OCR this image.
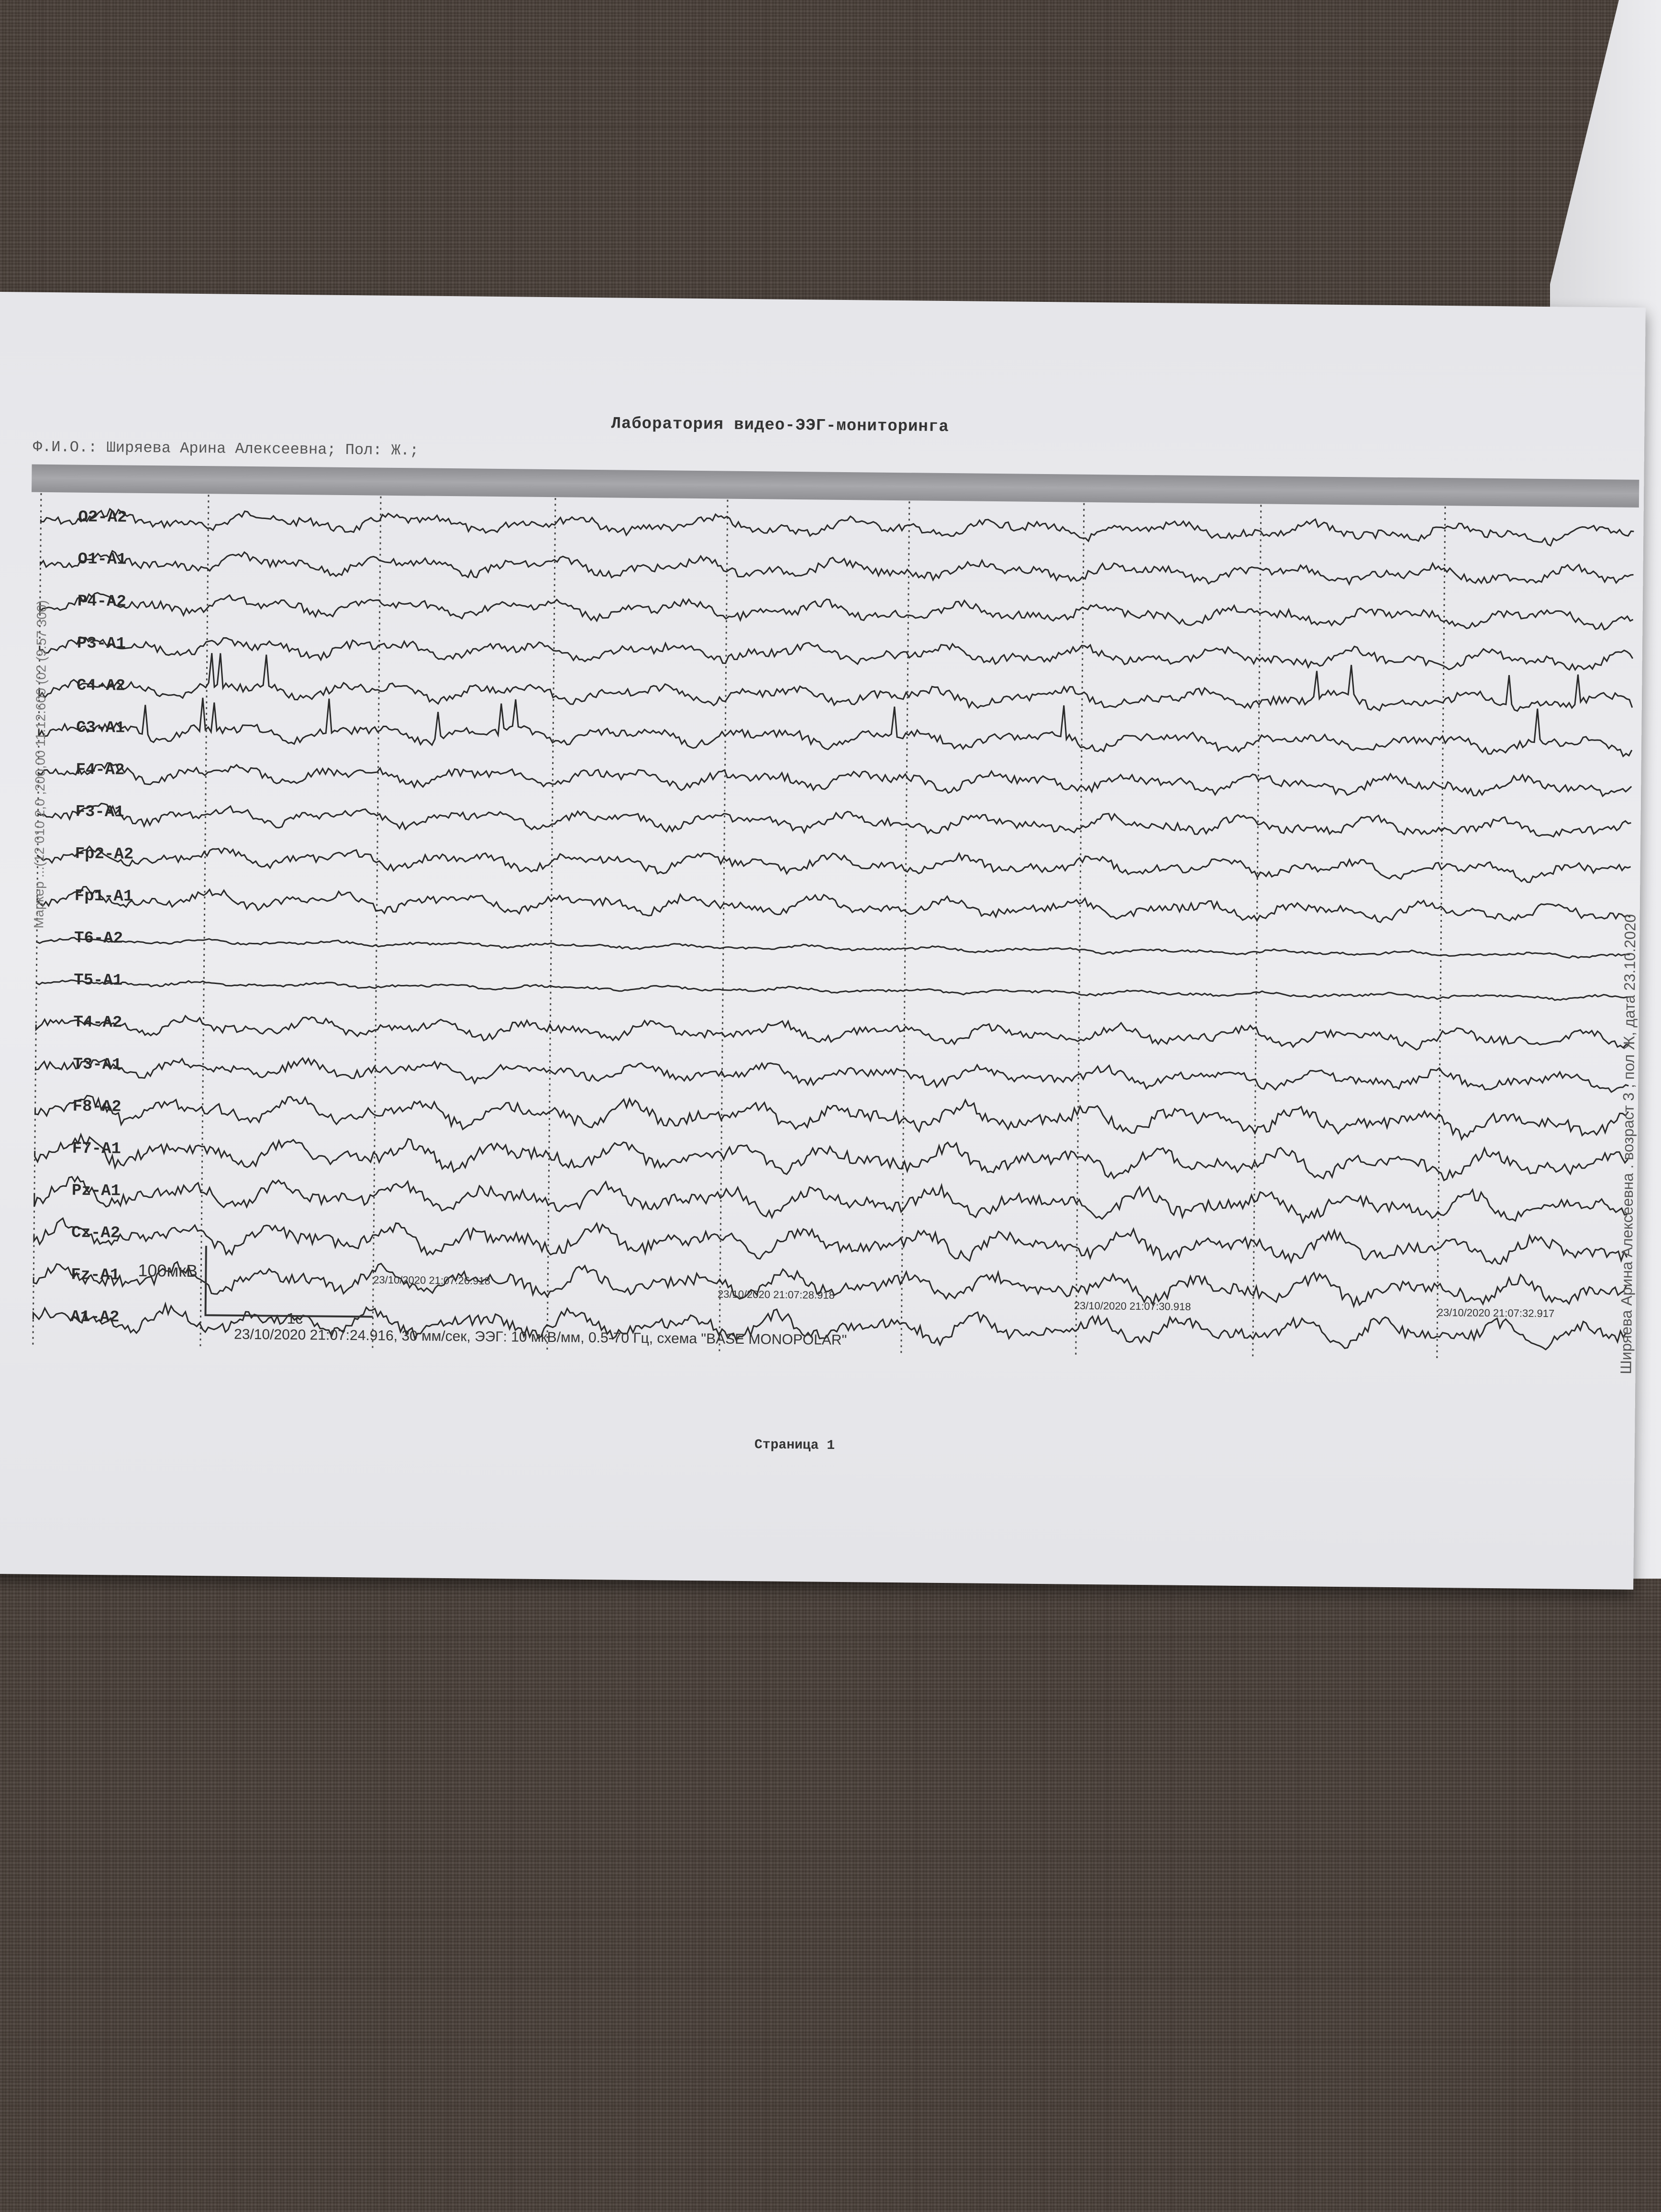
Лаборатория видео-ЭЭГ-мониторинга
Ф.И.О.: Ширяева Арина Алексеевна; Пол: Ж.;
O2-A2
O1-A1
P4-A2
P3-A1
C4-A2
C3-A1
F4-A2
F3-A1
Fp2-A2
Fp1-A1
T6-A2
T5-A1
T4-A2
T3-A1
F8-A2
F7-A1
Pz-A1
Cz-A2
Fz-A1
A1-A2
Маркер ...(12 010 2,0 ,200,00 11.12.600 (02 (9.57 300)
Ширяева Арина Алексеевна . возраст 3 , пол Ж, дата 23.10.2020
23/10/2020 21:07:26.918
23/10/2020 21:07:28.918
23/10/2020 21:07:30.918
23/10/2020 21:07:32.917
100мкВ
1с
23/10/2020 21:07:24.916, 30 мм/сек, ЭЭГ: 10 мкВ/мм, 0.5-70 Гц, схема "BASE MONOPOLAR"
Страница 1
